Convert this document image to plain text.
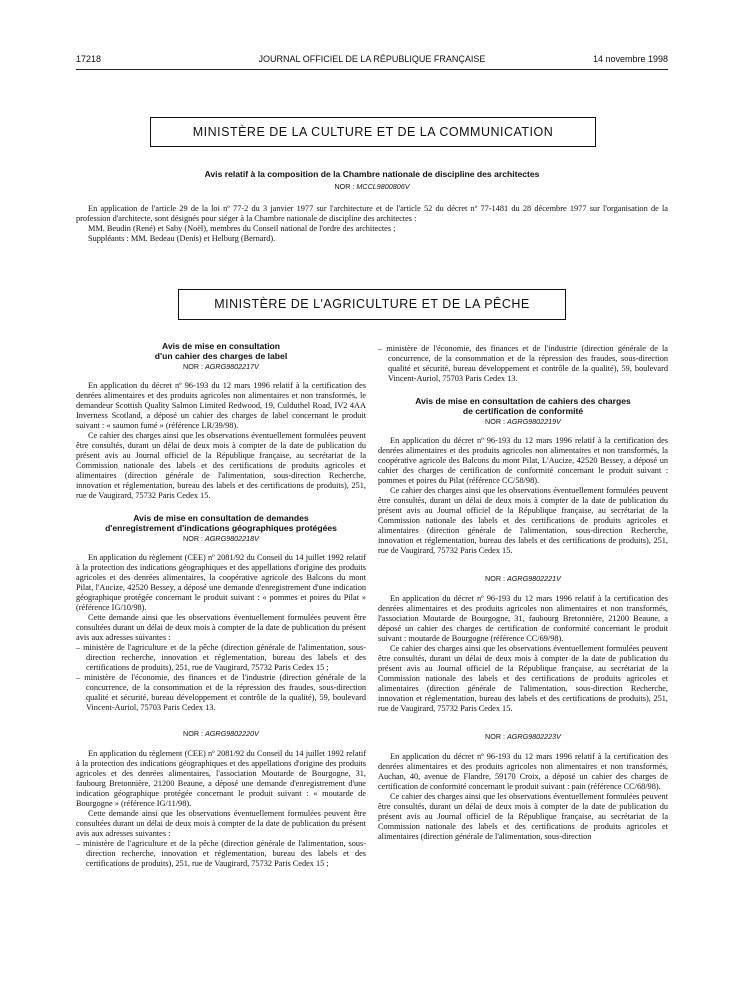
17218	JOURNAL OFFICIEL DE LA RÉPUBLIQUE FRANÇAISE	14 novembre 1998
MINISTÈRE DE LA CULTURE ET DE LA COMMUNICATION
Avis relatif à la composition de la Chambre nationale de discipline des architectes
NOR : MCCL9800806V

En application de l'article 29 de la loi nº 77-2 du 3 janvier 1977 sur l'architecture et de l'article 52 du décret nº 77-1481 du 28 décembre 1977 sur l'organisation de la profession d'architecte, sont désignés pour siéger à la Chambre nationale de discipline des architectes :

MM. Beudin (René) et Saby (Noël), membres du Conseil national de l'ordre des architectes ;

Suppléants : MM. Bedeau (Denis) et Helburg (Bernard).

MINISTÈRE DE L'AGRICULTURE ET DE LA PÊCHE
Avis de mise en consultation
d'un cahier des charges de label
NOR : AGRG9802217V

En application du décret nº 96-193 du 12 mars 1996 relatif à la certification des denrées alimentaires et des produits agricoles non alimentaires et non transformés, le demandeur Scottish Quality Salmon Limited Redwood, 19, Culduthel Road, IV2 4AA Inverness Scotland, a déposé un cahier des charges de label concernant le produit suivant : « saumon fumé » (référence LR/39/98).

Ce cahier des charges ainsi que les observations éventuellement formulées peuvent être consultés, durant un délai de deux mois à compter de la date de publication du présent avis au Journal officiel de la République française, au secrétariat de la Commission nationale des labels et des certifications de produits agricoles et alimentaires (direction générale de l'alimentation, sous-direction Recherche, innovation et réglementation, bureau des labels et des certifications de produits), 251, rue de Vaugirard, 75732 Paris Cedex 15.

Avis de mise en consultation de demandes
d'enregistrement d'indications géographiques protégées
NOR : AGRG9802218V

En application du règlement (CEE) nº 2081/92 du Conseil du 14 juillet 1992 relatif à la protection des indications géographiques et des appellations d'origine des produits agricoles et des denrées alimentaires, la coopérative agricole des Balcons du mont Pilat, l'Aucize, 42520 Bessey, a déposé une demande d'enregistrement d'une indication géographique protégée concernant le produit suivant : « pommes et poires du Pilat » (référence IG/10/98).

Cette demande ainsi que les observations éventuellement formulées peuvent être consultées durant un délai de deux mois à compter de la date de publication du présent avis aux adresses suivantes :

– ministère de l'agriculture et de la pêche (direction générale de l'alimentation, sous-direction recherche, innovation et réglementation, bureau des labels et des certifications de produits), 251, rue de Vaugirard, 75732 Paris Cedex 15 ;

– ministère de l'économie, des finances et de l'industrie (direction générale de la concurrence, de la consommation et de la répression des fraudes, sous-direction qualité et sécurité, bureau développement et contrôle de la qualité), 59, boulevard Vincent-Auriol, 75703 Paris Cedex 13.

NOR : AGRG9802220V

En application du règlement (CEE) nº 2081/92 du Conseil du 14 juillet 1992 relatif à la protection des indications géographiques et des appellations d'origine des produits agricoles et des denrées alimentaires, l'association Moutarde de Bourgogne, 31, faubourg Bretonnière, 21200 Beaune, a déposé une demande d'enregistrement d'une indication géographique protégée concernant le produit suivant : « moutarde de Bourgogne » (référence IG/11/98).

Cette demande ainsi que les observations éventuellement formulées peuvent être consultées durant un délai de deux mois à compter de la date de publication du présent avis aux adresses suivantes :

– ministère de l'agriculture et de la pêche (direction générale de l'alimentation, sous-direction recherche, innovation et réglementation, bureau des labels et des certifications de produits), 251, rue de Vaugirard, 75732 Paris Cedex 15 ;

– ministère de l'économie, des finances et de l'industrie (direction générale de la concurrence, de la consommation et de la répression des fraudes, sous-direction qualité et sécurité, bureau développement et contrôle de la qualité), 59, boulevard Vincent-Auriol, 75703 Paris Cedex 13.

Avis de mise en consultation de cahiers des charges
de certification de conformité
NOR : AGRG9802219V

En application du décret nº 96-193 du 12 mars 1996 relatif à la certification des denrées alimentaires et des produits agricoles non alimentaires et non transformés, la coopérative agricole des Balcons du mont Pilat, L'Aucize, 42520 Bessey, a déposé un cahier des charges de certification de conformité concernant le produit suivant : pommes et poires du Pilat (référence CC/58/98).

Ce cahier des charges ainsi que les observations éventuellement formulées peuvent être consultés, durant un délai de deux mois à compter de la date de publication du présent avis au Journal officiel de la République française, au secrétariat de la Commission nationale des labels et des certifications de produits agricoles et alimentaires (direction générale de l'alimentation, sous-direction Recherche, innovation et réglementation, bureau des labels et des certifications de produits), 251, rue de Vaugirard, 75732 Paris Cedex 15.

NOR : AGRG9802221V

En application du décret nº 96-193 du 12 mars 1996 relatif à la certification des denrées alimentaires et des produits agricoles non alimentaires et non transformés, l'association Moutarde de Bourgogne, 31, faubourg Bretonnière, 21200 Beaune, a déposé un cahier des charges de certification de conformité concernant le produit suivant : moutarde de Bourgogne (référence CC/69/98).

Ce cahier des charges ainsi que les observations éventuellement formulées peuvent être consultés, durant un délai de deux mois à compter de la date de publication du présent avis au Journal officiel de la République française, au secrétariat de la Commission nationale des labels et des certifications de produits agricoles et alimentaires (direction générale de l'alimentation, sous-direction Recherche, innovation et réglementation, bureau des labels et des certifications de produits), 251, rue de Vaugirard, 75732 Paris Cedex 15.

NOR : AGRG9802223V

En application du décret nº 96-193 du 12 mars 1996 relatif à la certification des denrées alimentaires et des produits agricoles non alimentaires et non transformés, Auchan, 40, avenue de Flandre, 59170 Croix, a déposé un cahier des charges de certification de conformité concernant le produit suivant : pain (référence CC/68/98).

Ce cahier des charges ainsi que les observations éventuellement formulées peuvent être consultés, durant un délai de deux mois à compter de la date de publication du présent avis au Journal officiel de la République française, au secrétariat de la Commission nationale des labels et des certifications de produits agricoles et alimentaires (direction générale de l'alimentation, sous-direction
